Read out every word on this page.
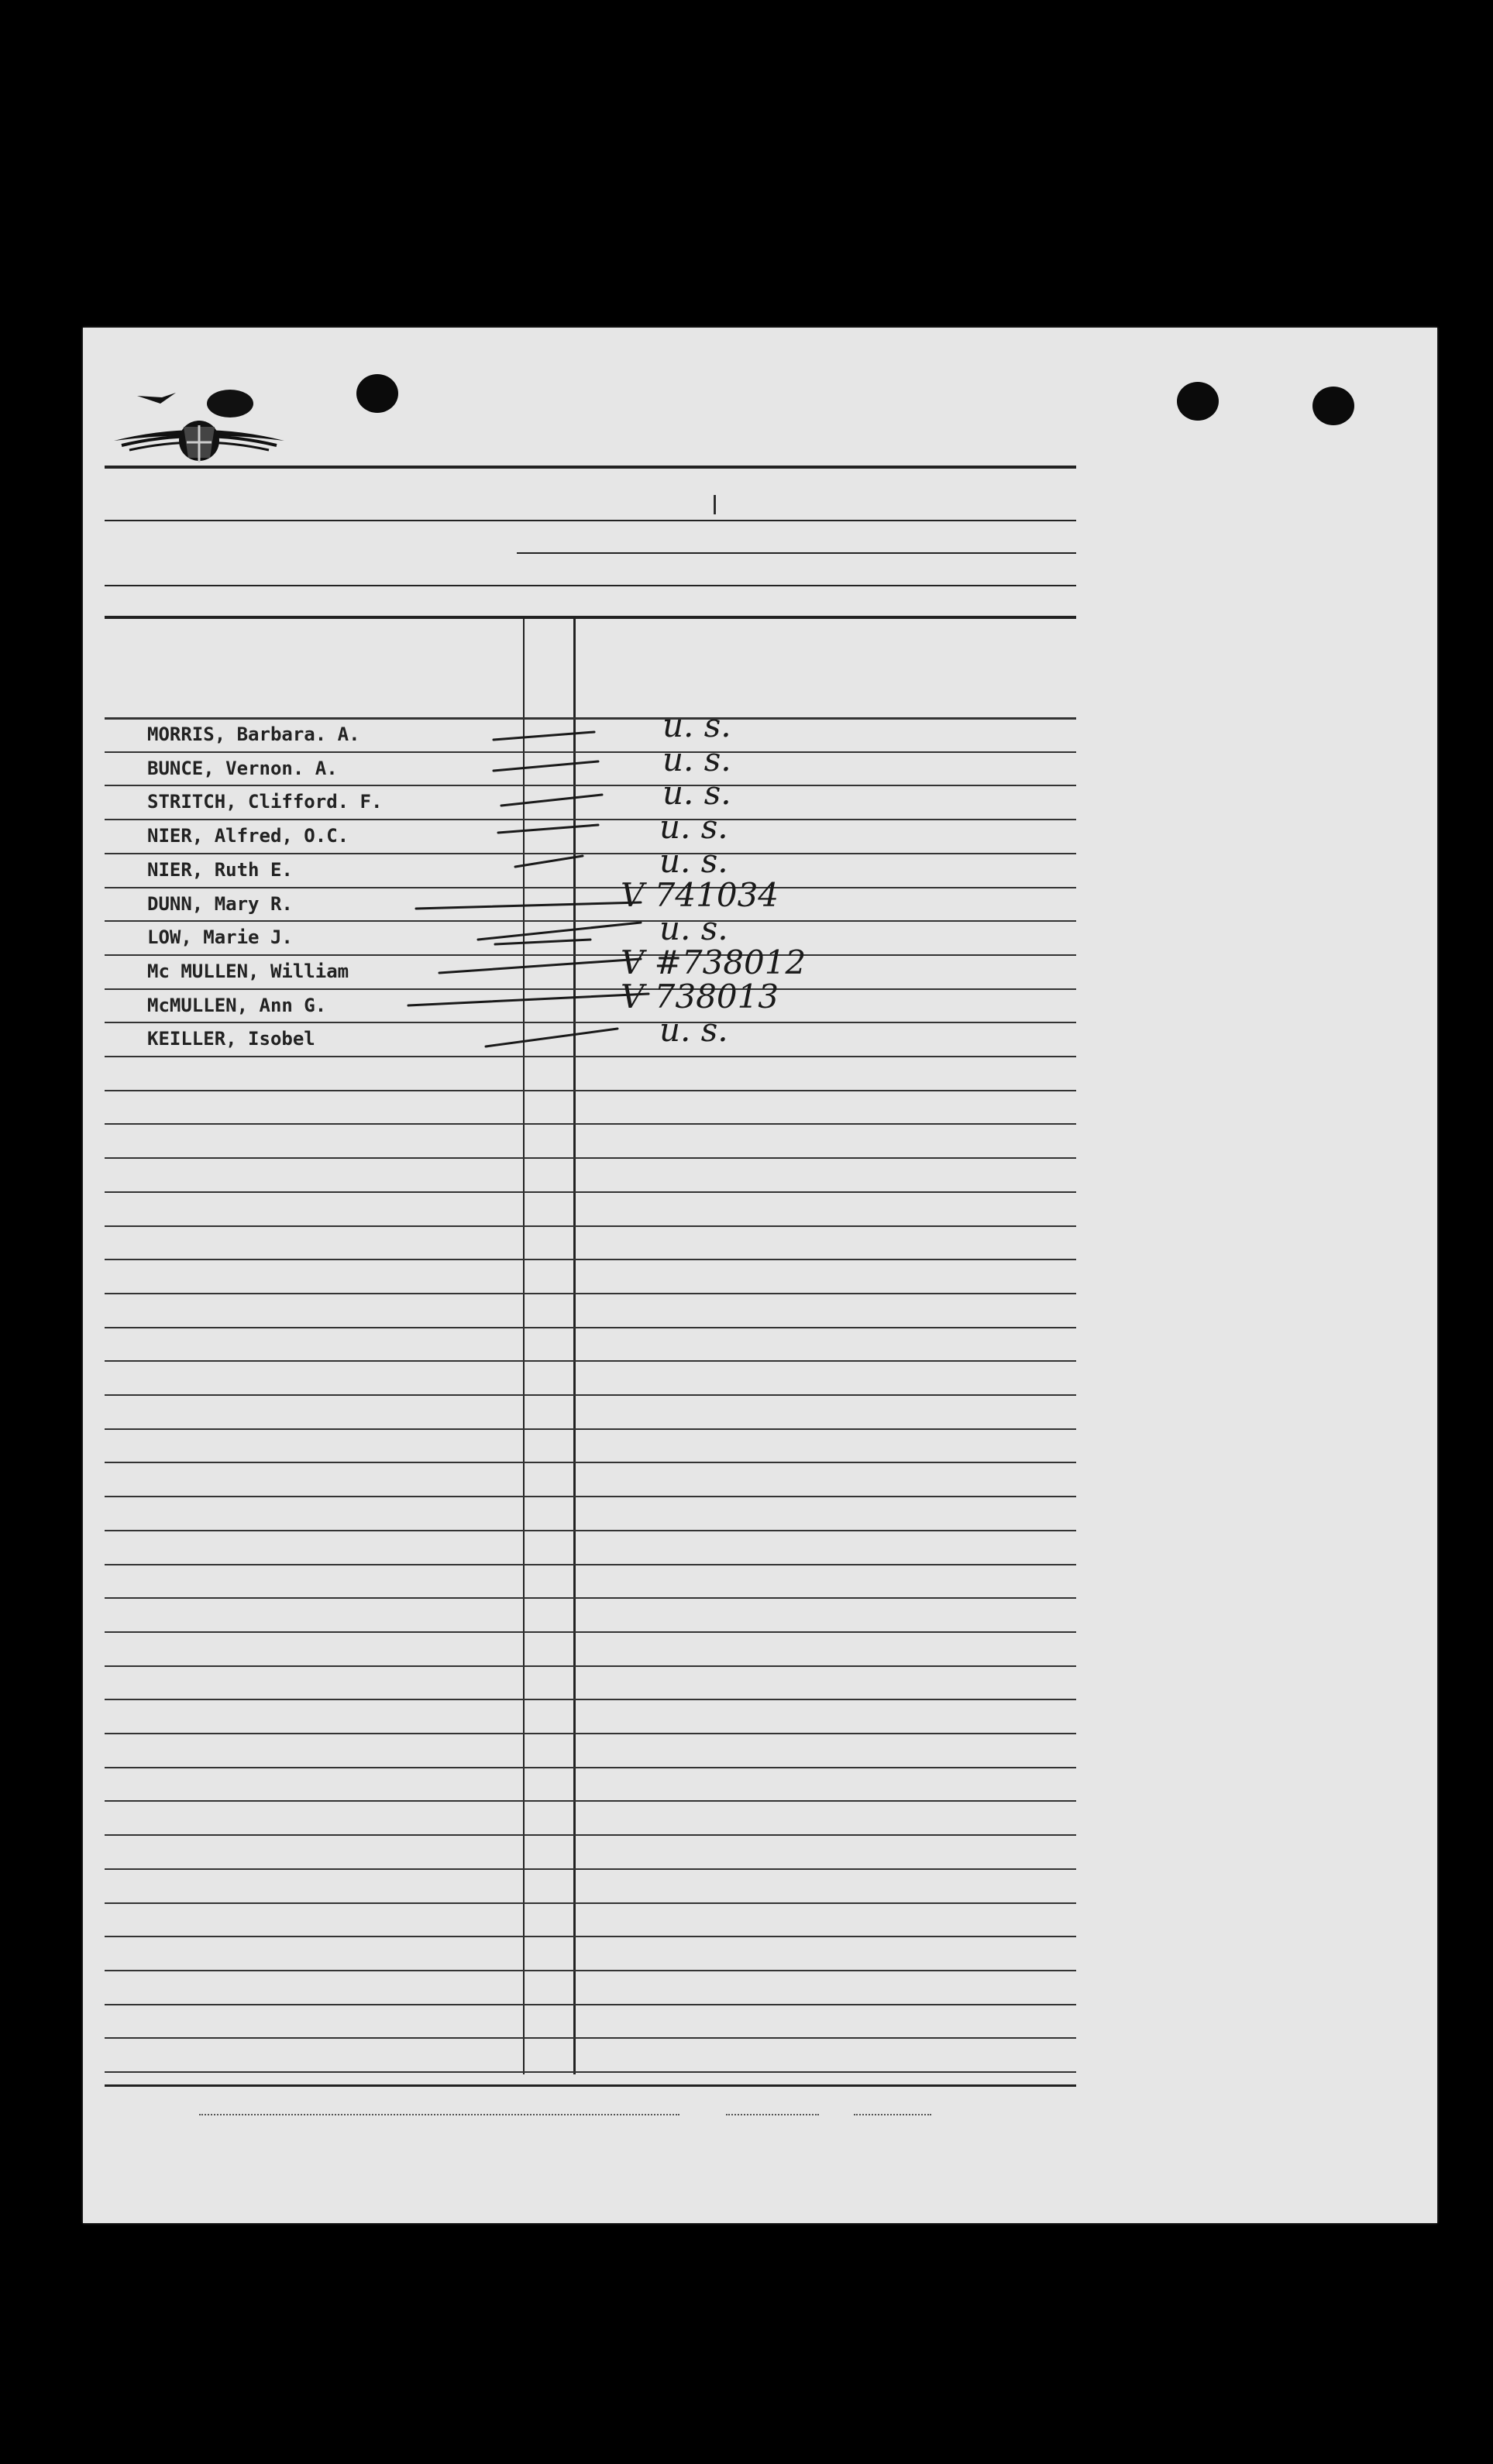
|
MORRIS, Barbara. A.	u. s.
BUNCE, Vernon. A.	u. s.
STRITCH, Clifford. F.	u. s.
NIER, Alfred, O.C.	u. s.
NIER, Ruth E.	u. s.
DUNN, Mary R.	V 741034
LOW, Marie J.	u. s.
Mc MULLEN, William	V #738012
McMULLEN, Ann G.	V 738013
KEILLER, Isobel	u. s.
